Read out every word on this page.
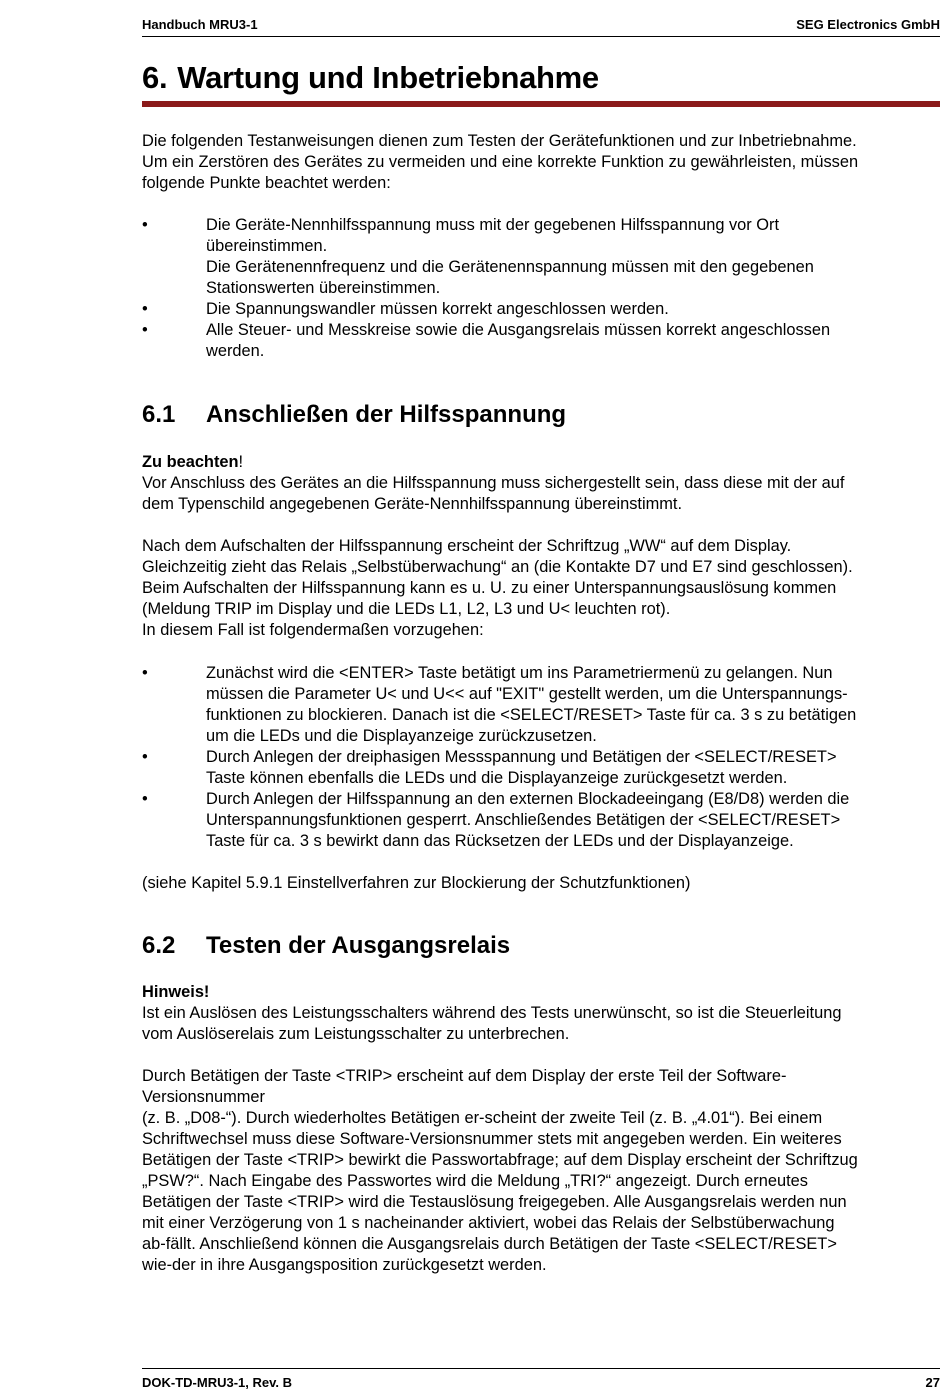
Handbuch MRU3-1	SEG Electronics GmbH
6. Wartung und Inbetriebnahme

Die folgenden Testanweisungen dienen zum Testen der Gerätefunktionen und zur Inbetriebnahme.

Um ein Zerstören des Gerätes zu vermeiden und eine korrekte Funktion zu gewährleisten, müssen

folgende Punkte beachtet werden:

•	Die Geräte-Nennhilfsspannung muss mit der gegebenen Hilfsspannung vor Ort
übereinstimmen.
Die Gerätenennfrequenz und die Gerätenennspannung müssen mit den gegebenen
Stationswerten übereinstimmen.
•	Die Spannungswandler müssen korrekt angeschlossen werden.
•	Alle Steuer- und Messkreise sowie die Ausgangsrelais müssen korrekt angeschlossen
werden.
6.1 Anschließen der Hilfsspannung

Zu beachten!

Vor Anschluss des Gerätes an die Hilfsspannung muss sichergestellt sein, dass diese mit der auf

dem Typenschild angegebenen Geräte-Nennhilfsspannung übereinstimmt.

Nach dem Aufschalten der Hilfsspannung erscheint der Schriftzug „WW“ auf dem Display.

Gleichzeitig zieht das Relais „Selbstüberwachung“ an (die Kontakte D7 und E7 sind geschlossen).

Beim Aufschalten der Hilfsspannung kann es u. U. zu einer Unterspannungsauslösung kommen

(Meldung TRIP im Display und die LEDs L1, L2, L3 und U< leuchten rot).

In diesem Fall ist folgendermaßen vorzugehen:

•	Zunächst wird die <ENTER> Taste betätigt um ins Parametriermenü zu gelangen. Nun
müssen die Parameter U< und U<< auf "EXIT" gestellt werden, um die Unterspannungs-
funktionen zu blockieren. Danach ist die <SELECT/RESET> Taste für ca. 3 s zu betätigen
um die LEDs und die Displayanzeige zurückzusetzen.
•	Durch Anlegen der dreiphasigen Messspannung und Betätigen der <SELECT/RESET>
Taste können ebenfalls die LEDs und die Displayanzeige zurückgesetzt werden.
•	Durch Anlegen der Hilfsspannung an den externen Blockadeeingang (E8/D8) werden die
Unterspannungsfunktionen gesperrt. Anschließendes Betätigen der <SELECT/RESET>
Taste für ca. 3 s bewirkt dann das Rücksetzen der LEDs und der Displayanzeige.

(siehe Kapitel 5.9.1 Einstellverfahren zur Blockierung der Schutzfunktionen)

6.2 Testen der Ausgangsrelais

Hinweis!

Ist ein Auslösen des Leistungsschalters während des Tests unerwünscht, so ist die Steuerleitung

vom Auslöserelais zum Leistungsschalter zu unterbrechen.

Durch Betätigen der Taste <TRIP> erscheint auf dem Display der erste Teil der Software-

Versionsnummer

(z. B. „D08-“). Durch wiederholtes Betätigen er-scheint der zweite Teil (z. B. „4.01“). Bei einem

Schriftwechsel muss diese Software-Versionsnummer stets mit angegeben werden. Ein weiteres

Betätigen der Taste <TRIP> bewirkt die Passwortabfrage; auf dem Display erscheint der Schriftzug

„PSW?“. Nach Eingabe des Passwortes wird die Meldung „TRI?“ angezeigt. Durch erneutes

Betätigen der Taste <TRIP> wird die Testauslösung freigegeben. Alle Ausgangsrelais werden nun

mit einer Verzögerung von 1 s nacheinander aktiviert, wobei das Relais der Selbstüberwachung

ab-fällt. Anschließend können die Ausgangsrelais durch Betätigen der Taste <SELECT/RESET>

wie-der in ihre Ausgangsposition zurückgesetzt werden.

DOK-TD-MRU3-1, Rev. B	27
